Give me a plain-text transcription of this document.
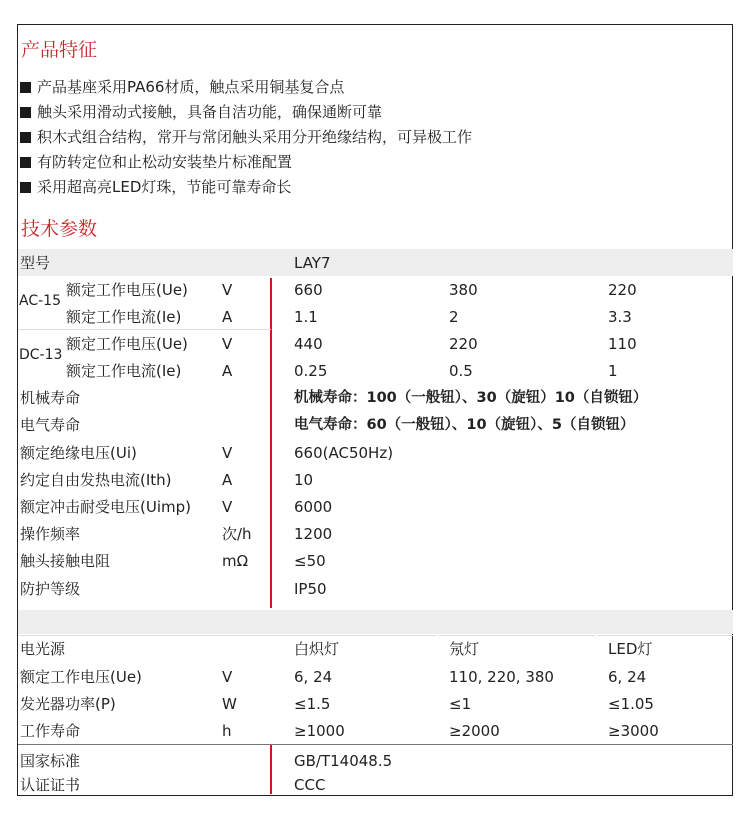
产品特征
产品基座采用PA66材质，触点采用铜基复合点
触头采用滑动式接触，具备自洁功能，确保通断可靠
积木式组合结构，常开与常闭触头采用分开绝缘结构，可异极工作
有防转定位和止松动安装垫片标准配置
采用超高亮LED灯珠，节能可靠寿命长
技术参数
型号	LAY7
AC-15
额定工作电压(Ue) V	660	380	220
额定工作电流(Ie)	A	1.1	2	3.3
DC-13
额定工作电压(Ue) V	440	220	110
额定工作电流(Ie)	A	0.25	0.5	1
机械寿命	机械寿命：100（一般钮）、30（旋钮）10（自锁钮）
电气寿命	电气寿命：60（一般钮）、10（旋钮）、5（自锁钮）
额定绝缘电压(Ui)	V	660(AC50Hz)
约定自由发热电流(Ith)	A	10
额定冲击耐受电压(Uimp) V	6000
操作频率	次/h	1200
触头接触电阻	mΩ	≤50
防护等级	IP50
电光源	白炽灯	氖灯	LED灯
额定工作电压(Ue)	V	6, 24	110, 220, 380	6, 24
发光器功率(P)	W	≤1.5	≤1	≤1.05
工作寿命	h	≥1000	≥2000	≥3000
国家标准	GB/T14048.5
认证证书	CCC
